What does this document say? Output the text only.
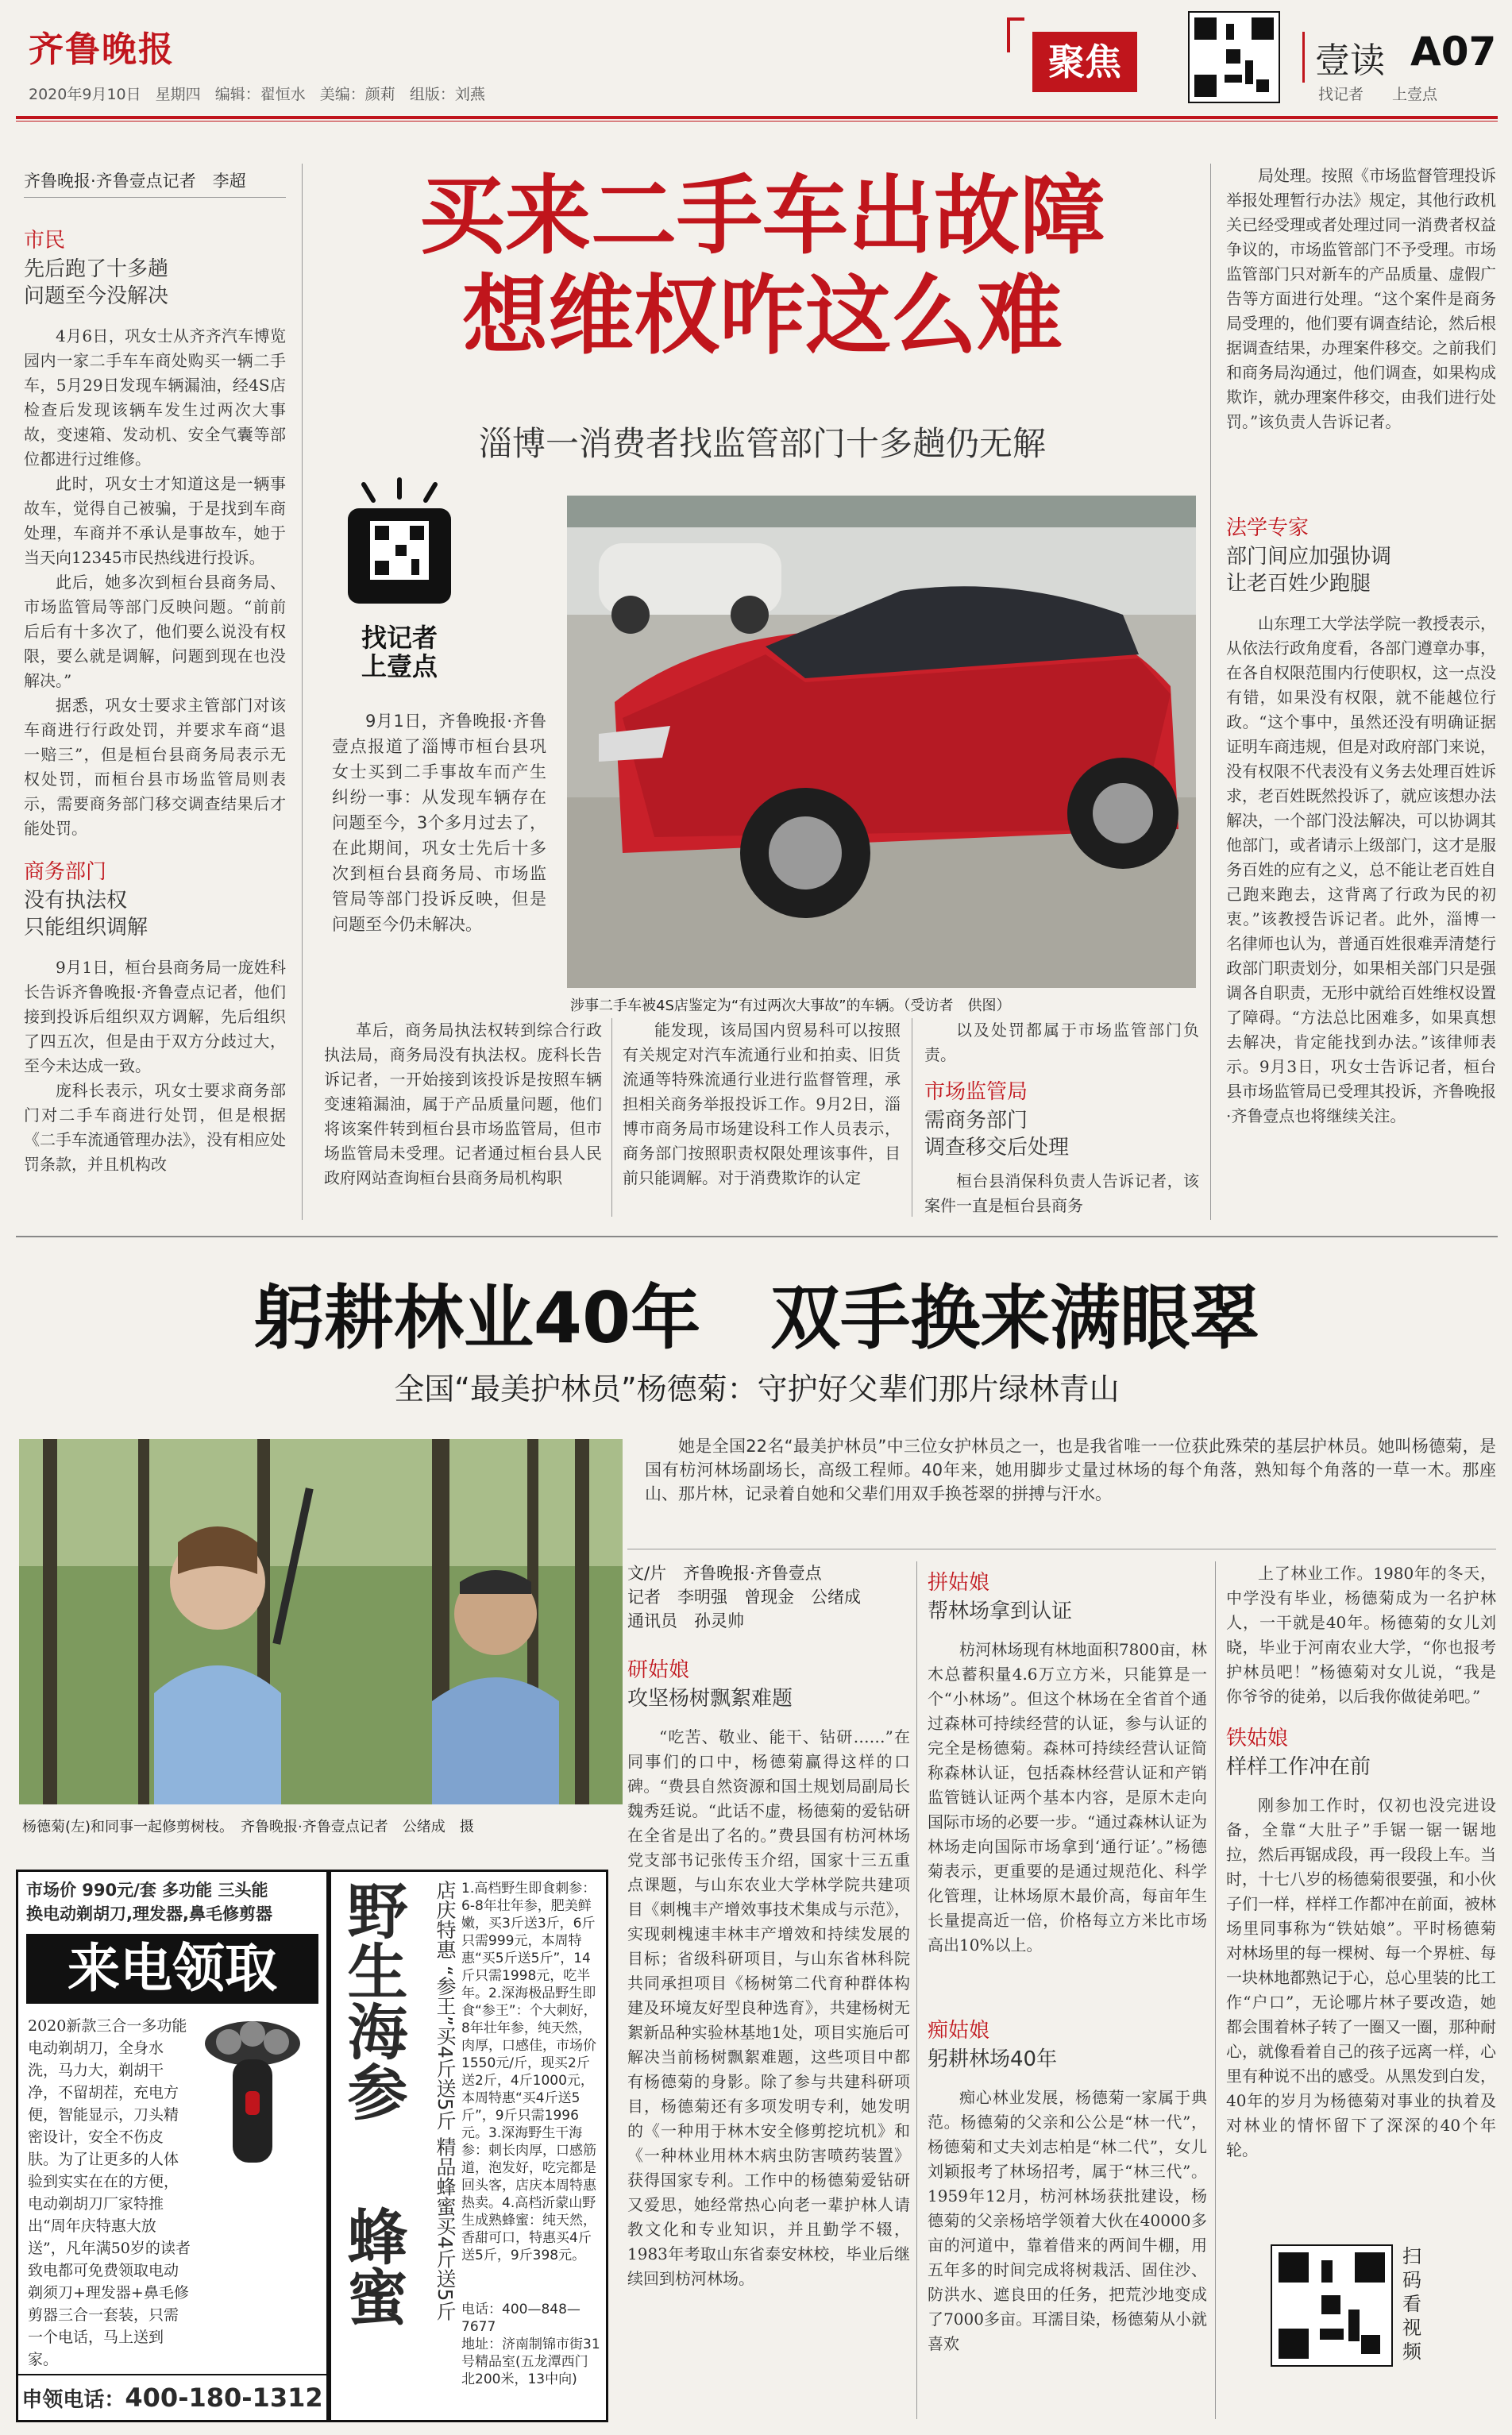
齐鲁晚报
2020年9月10日 星期四 编辑：翟恒水 美编：颜莉 组版：刘燕
聚焦	壹读 A07
找记者 上壹点
齐鲁晚报·齐鲁壹点记者　李超
市民
先后跑了十多趟
问题至今没解决

4月6日，巩女士从齐齐汽车博览园内一家二手车车商处购买一辆二手车，5月29日发现车辆漏油，经4S店检查后发现该辆车发生过两次大事故，变速箱、发动机、安全气囊等部位都进行过维修。

此时，巩女士才知道这是一辆事故车，觉得自己被骗，于是找到车商处理，车商并不承认是事故车，她于当天向12345市民热线进行投诉。

此后，她多次到桓台县商务局、市场监管局等部门反映问题。“前前后后有十多次了，他们要么说没有权限，要么就是调解，问题到现在也没解决。”

据悉，巩女士要求主管部门对该车商进行行政处罚，并要求车商“退一赔三”，但是桓台县商务局表示无权处罚，而桓台县市场监管局则表示，需要商务部门移交调查结果后才能处罚。

商务部门
没有执法权
只能组织调解

9月1日，桓台县商务局一庞姓科长告诉齐鲁晚报·齐鲁壹点记者，他们接到投诉后组织双方调解，先后组织了四五次，但是由于双方分歧过大，至今未达成一致。

庞科长表示，巩女士要求商务部门对二手车商进行处罚，但是根据《二手车流通管理办法》，没有相应处罚条款，并且机构改

买来二手车出故障
想维权咋这么难
淄博一消费者找监管部门十多趟仍无解
找记者
上壹点

9月1日，齐鲁晚报·齐鲁壹点报道了淄博市桓台县巩女士买到二手事故车而产生纠纷一事：从发现车辆存在问题至今，3个多月过去了，在此期间，巩女士先后十多次到桓台县商务局、市场监管局等部门投诉反映，但是问题至今仍未解决。

涉事二手车被4S店鉴定为“有过两次大事故”的车辆。（受访者　供图）

革后，商务局执法权转到综合行政执法局，商务局没有执法权。庞科长告诉记者，一开始接到该投诉是按照车辆变速箱漏油，属于产品质量问题，他们将该案件转到桓台县市场监管局，但市场监管局未受理。记者通过桓台县人民政府网站查询桓台县商务局机构职

能发现，该局国内贸易科可以按照有关规定对汽车流通行业和拍卖、旧货流通等特殊流通行业进行监督管理，承担相关商务举报投诉工作。9月2日，淄博市商务局市场建设科工作人员表示，商务部门按照职责权限处理该事件，目前只能调解。对于消费欺诈的认定

以及处罚都属于市场监管部门负责。

市场监管局
需商务部门
调查移交后处理

桓台县消保科负责人告诉记者，该案件一直是桓台县商务

局处理。按照《市场监督管理投诉举报处理暂行办法》规定，其他行政机关已经受理或者处理过同一消费者权益争议的，市场监管部门不予受理。市场监管部门只对新车的产品质量、虚假广告等方面进行处理。“这个案件是商务局受理的，他们要有调查结论，然后根据调查结果，办理案件移交。之前我们和商务局沟通过，他们调查，如果构成欺诈，就办理案件移交，由我们进行处罚。”该负责人告诉记者。

法学专家
部门间应加强协调
让老百姓少跑腿

山东理工大学法学院一教授表示，从依法行政角度看，各部门遵章办事，在各自权限范围内行使职权，这一点没有错，如果没有权限，就不能越位行政。“这个事中，虽然还没有明确证据证明车商违规，但是对政府部门来说，没有权限不代表没有义务去处理百姓诉求，老百姓既然投诉了，就应该想办法解决，一个部门没法解决，可以协调其他部门，或者请示上级部门，这才是服务百姓的应有之义，总不能让老百姓自己跑来跑去，这背离了行政为民的初衷。”该教授告诉记者。此外，淄博一名律师也认为，普通百姓很难弄清楚行政部门职责划分，如果相关部门只是强调各自职责，无形中就给百姓维权设置了障碍。“方法总比困难多，如果真想去解决，肯定能找到办法。”该律师表示。9月3日，巩女士告诉记者，桓台县市场监管局已受理其投诉，齐鲁晚报·齐鲁壹点也将继续关注。

躬耕林业40年　双手换来满眼翠
全国“最美护林员”杨德菊：守护好父辈们那片绿林青山
杨德菊(左)和同事一起修剪树枝。　齐鲁晚报·齐鲁壹点记者　公绪成　摄

她是全国22名“最美护林员”中三位女护林员之一，也是我省唯一一位获此殊荣的基层护林员。她叫杨德菊，是国有枋河林场副场长，高级工程师。40年来，她用脚步丈量过林场的每个角落，熟知每个角落的一草一木。那座山、那片林，记录着自她和父辈们用双手换苍翠的拼搏与汗水。

文/片　齐鲁晚报·齐鲁壹点
记者　李明强　曾现金　公绪成
通讯员　孙灵帅
研姑娘
攻坚杨树飘絮难题

“吃苦、敬业、能干、钻研……”在同事们的口中，杨德菊赢得这样的口碑。“费县自然资源和国土规划局副局长魏秀廷说。“此话不虚，杨德菊的爱钻研在全省是出了名的。”费县国有枋河林场党支部书记张传玉介绍，国家十三五重点课题，与山东农业大学林学院共建项目《刺槐丰产增效事技术集成与示范》，实现刺槐速丰林丰产增效和持续发展的目标；省级科研项目，与山东省林科院共同承担项目《杨树第二代育种群体构建及环境友好型良种选育》，共建杨树无絮新品种实验林基地1处，项目实施后可解决当前杨树飘絮难题，这些项目中都有杨德菊的身影。除了参与共建科研项目，杨德菊还有多项发明专利，她发明的《一种用于林木安全修剪挖坑机》和《一种林业用林木病虫防害喷药装置》获得国家专利。工作中的杨德菊爱钻研又爱思，她经常热心向老一辈护林人请教文化和专业知识，并且勤学不辍，1983年考取山东省泰安林校，毕业后继续回到枋河林场。

拼姑娘
帮林场拿到认证

枋河林场现有林地面积7800亩，林木总蓄积量4.6万立方米，只能算是一个“小林场”。但这个林场在全省首个通过森林可持续经营的认证，参与认证的完全是杨德菊。森林可持续经营认证简称森林认证，包括森林经营认证和产销监管链认证两个基本内容，是原木走向国际市场的必要一步。“通过森林认证为林场走向国际市场拿到‘通行证’。”杨德菊表示，更重要的是通过规范化、科学化管理，让林场原木最价高，每亩年生长量提高近一倍，价格每立方米比市场高出10%以上。

痴姑娘
躬耕林场40年

痴心林业发展，杨德菊一家属于典范。杨德菊的父亲和公公是“林一代”，杨德菊和丈夫刘志柏是“林二代”，女儿刘颖报考了林场招考，属于“林三代”。1959年12月，枋河林场获批建设，杨德菊的父亲杨培学领着大伙在40000多亩的河道中，靠着借来的两间牛棚，用五年多的时间完成将树栽活、固住沙、防洪水、遮良田的任务，把荒沙地变成了7000多亩。耳濡目染，杨德菊从小就喜欢

上了林业工作。1980年的冬天，中学没有毕业，杨德菊成为一名护林人，一干就是40年。杨德菊的女儿刘晓，毕业于河南农业大学，“你也报考护林员吧！”杨德菊对女儿说，“我是你爷爷的徒弟，以后我你做徒弟吧。”

铁姑娘
样样工作冲在前

刚参加工作时，仅初也没完进设备，全靠“大肚子”手锯一锯一锯地拉，然后再锯成段，再一段段上车。当时，十七八岁的杨德菊很要强，和小伙子们一样，样样工作都冲在前面，被林场里同事称为“铁姑娘”。平时杨德菊对林场里的每一棵树、每一个界桩、每一块林地都熟记于心，总心里装的比工作“户口”，无论哪片林子要改造，她都会围着林子转了一圈又一圈，那种耐心，就像看着自己的孩子远离一样，心里有种说不出的感受。从黑发到白发，40年的岁月为杨德菊对事业的执着及对林业的情怀留下了深深的40个年轮。

扫码看视频
市场价 990元/套 多功能 三头能
换电动剃胡刀,理发器,鼻毛修剪器
来电领取
2020新款三合一多功能电动剃胡刀，全身水洗，马力大，剃胡干净，不留胡茬，充电方便，智能显示，刀头精密设计，安全不伤皮肤。为了让更多的人体验到实实在在的方便，电动剃胡刀厂家特推出“周年庆特惠大放送”，凡年满50岁的读者致电都可免费领取电动剃须刀+理发器+鼻毛修剪器三合一套装，只需一个电话，马上送到家。
申领电话：400-180-1312
野生海参
蜂蜜
店庆特惠 “参王”买4斤送5斤 精品蜂蜜买4斤送5斤
1.高档野生即食刺参：6-8年壮年参，肥美鲜嫩，买3斤送3斤，6斤只需999元，本周特惠“买5斤送5斤”，14斤只需1998元，吃半年。2.深海极品野生即食“参王”：个大刺好，8年壮年参，纯天然，肉厚，口感佳，市场价1550元/斤，现买2斤送2斤，4斤1000元，本周特惠“买4斤送5斤”，9斤只需1996元。3.深海野生干海参：刺长肉厚，口感筋道，泡发好，吃完都是回头客，店庆本周特惠热卖。4.高档沂蒙山野生成熟蜂蜜：纯天然，香甜可口，特惠买4斤送5斤，9斤398元。
电话：400—848—7677
地址：济南制锦市街31号精品室(五龙潭西门北200米，13中向)
